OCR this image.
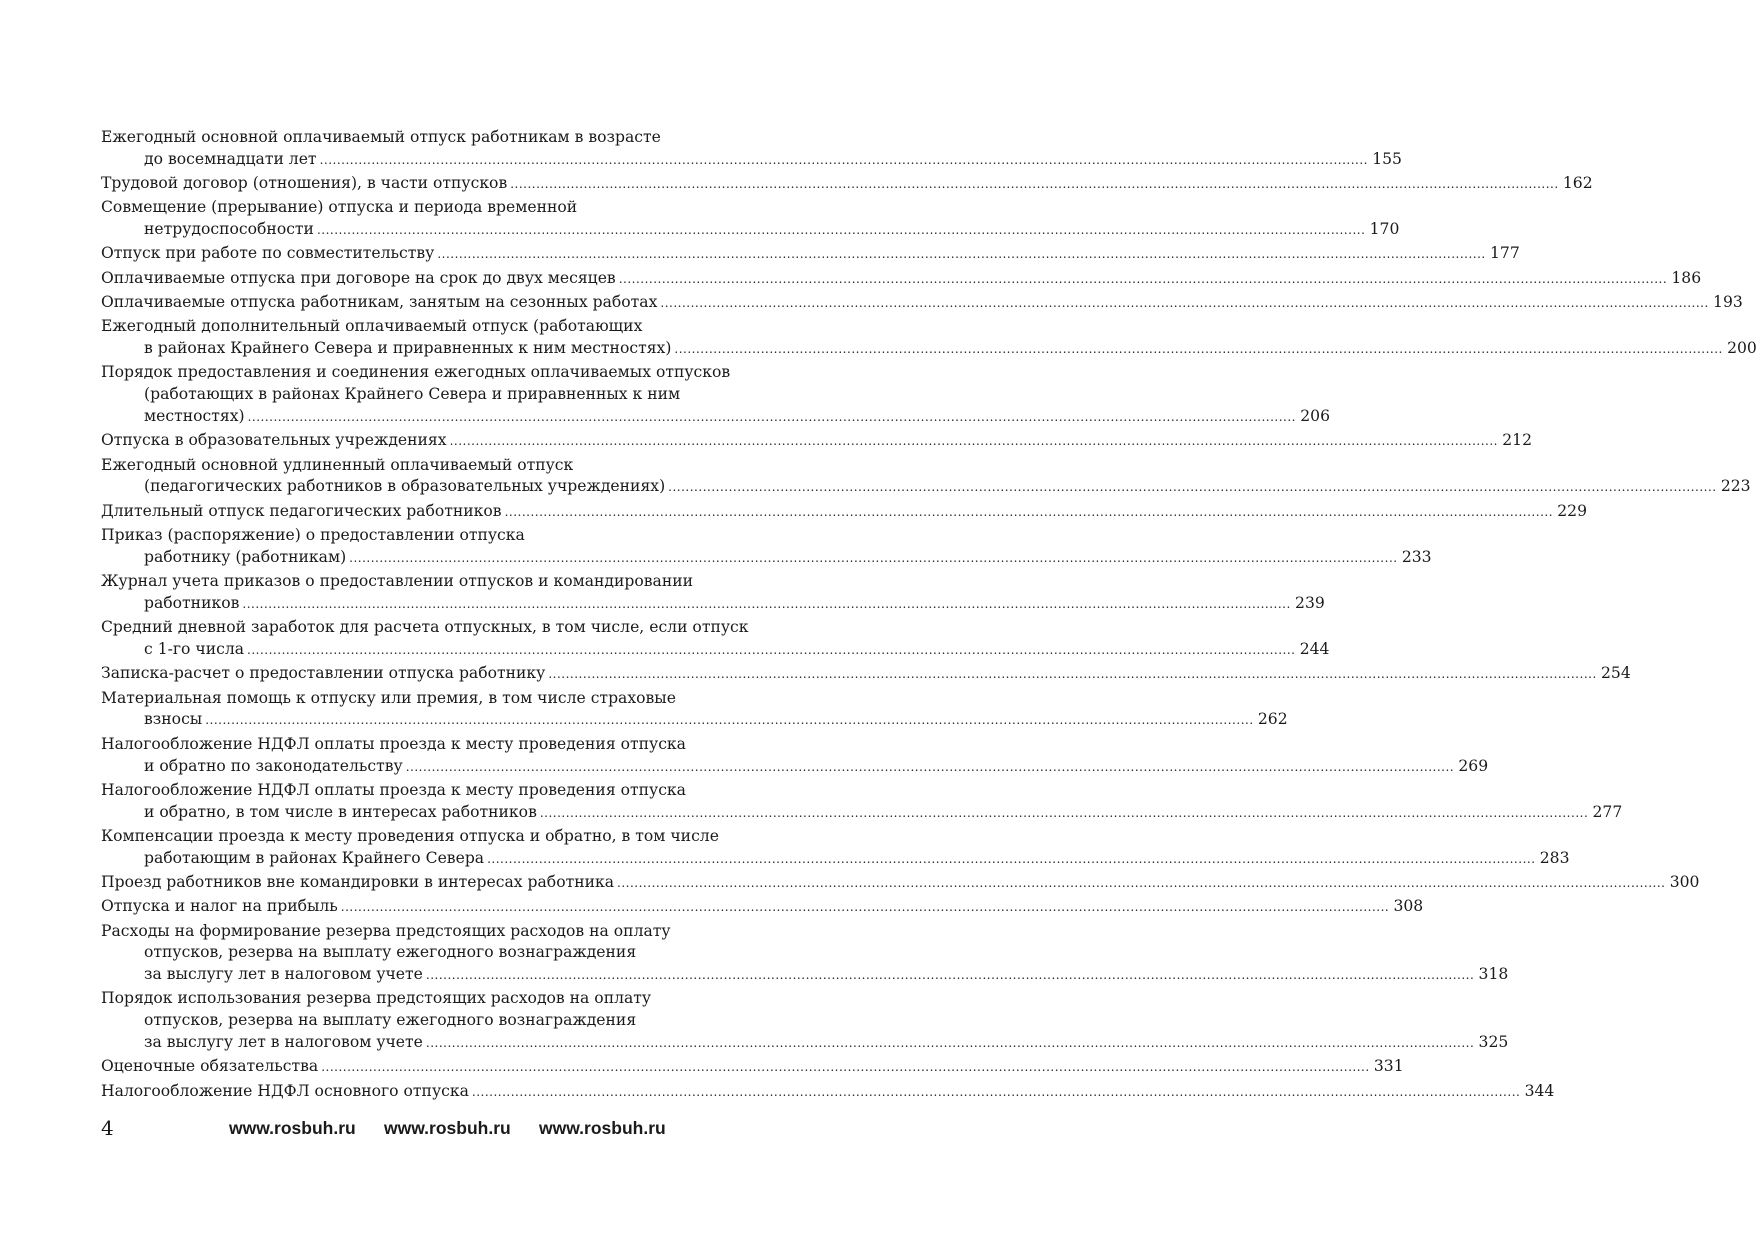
Ежегодный основной оплачиваемый отпуск работникам в возрасте
до восемнадцати лет .....	155
Трудовой договор (отношения), в части отпусков .....	162
Совмещение (прерывание) отпуска и периода временной
нетрудоспособности .....	170
Отпуск при работе по совместительству .....	177
Оплачиваемые отпуска при договоре на срок до двух месяцев .....	186
Оплачиваемые отпуска работникам, занятым на сезонных работах .....	193
Ежегодный дополнительный оплачиваемый отпуск (работающих
в районах Крайнего Севера и приравненных к ним местностях) .....	200
Порядок предоставления и соединения ежегодных оплачиваемых отпусков
(работающих в районах Крайнего Севера и приравненных к ним
местностях) .....	206
Отпуска в образовательных учреждениях .....	212
Ежегодный основной удлиненный оплачиваемый отпуск
(педагогических работников в образовательных учреждениях) .....	223
Длительный отпуск педагогических работников .....	229
Приказ (распоряжение) о предоставлении отпуска
работнику (работникам) .....	233
Журнал учета приказов о предоставлении отпусков и командировании
работников .....	239
Средний дневной заработок для расчета отпускных, в том числе, если отпуск
с 1-го числа .....	244
Записка-расчет о предоставлении отпуска работнику .....	254
Материальная помощь к отпуску или премия, в том числе страховые
взносы .....	262
Налогообложение НДФЛ оплаты проезда к месту проведения отпуска
и обратно по законодательству .....	269
Налогообложение НДФЛ оплаты проезда к месту проведения отпуска
и обратно, в том числе в интересах работников .....	277
Компенсации проезда к месту проведения отпуска и обратно, в том числе
работающим в районах Крайнего Севера .....	283
Проезд работников вне командировки в интересах работника .....	300
Отпуска и налог на прибыль .....	308
Расходы на формирование резерва предстоящих расходов на оплату
отпусков, резерва на выплату ежегодного вознаграждения
за выслугу лет в налоговом учете .....	318
Порядок использования резерва предстоящих расходов на оплату
отпусков, резерва на выплату ежегодного вознаграждения
за выслугу лет в налоговом учете .....	325
Оценочные обязательства .....	331
Налогообложение НДФЛ основного отпуска .....	344
4	www.rosbuh.ru www.rosbuh.ru www.rosbuh.ru
